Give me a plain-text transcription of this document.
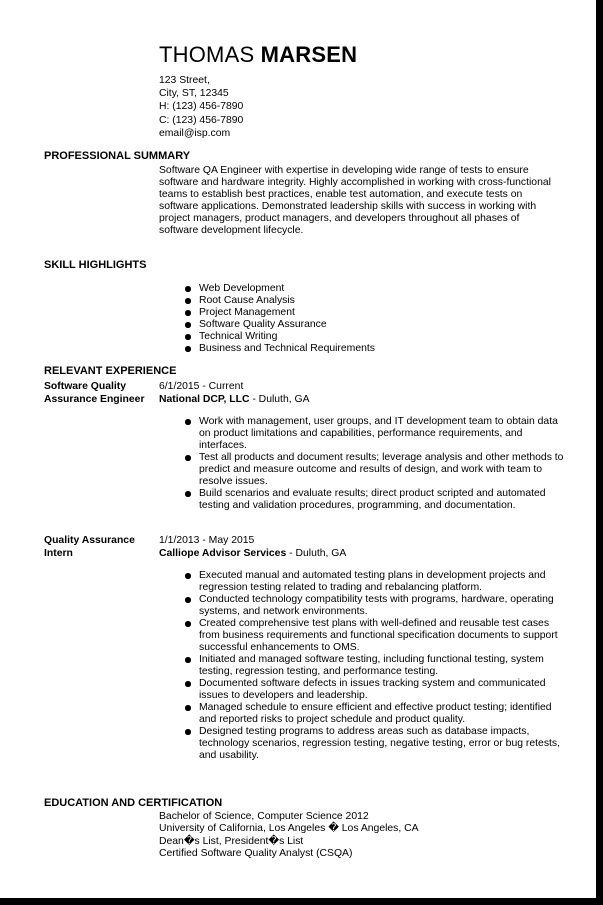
THOMAS MARSEN
123 Street,
City, ST, 12345
H: (123) 456-7890
C: (123) 456-7890
email@isp.com
PROFESSIONAL SUMMARY
Software QA Engineer with expertise in developing wide range of tests to ensure software and hardware integrity. Highly accomplished in working with cross-functional teams to establish best practices, enable test automation, and execute tests on software applications. Demonstrated leadership skills with success in working with project managers, product managers, and developers throughout all phases of software development lifecycle.
SKILL HIGHLIGHTS
Web Development
Root Cause Analysis
Project Management
Software Quality Assurance
Technical Writing
Business and Technical Requirements
RELEVANT EXPERIENCE
Software Quality Assurance Engineer
6/1/2015 - Current
National DCP, LLC - Duluth, GA
Work with management, user groups, and IT development team to obtain data on product limitations and capabilities, performance requirements, and interfaces.
Test all products and document results; leverage analysis and other methods to predict and measure outcome and results of design, and work with team to resolve issues.
Build scenarios and evaluate results; direct product scripted and automated testing and validation procedures, programming, and documentation.
Quality Assurance Intern
1/1/2013 - May 2015
Calliope Advisor Services - Duluth, GA
Executed manual and automated testing plans in development projects and regression testing related to trading and rebalancing platform.
Conducted technology compatibility tests with programs, hardware, operating systems, and network environments.
Created comprehensive test plans with well-defined and reusable test cases from business requirements and functional specification documents to support successful enhancements to OMS.
Initiated and managed software testing, including functional testing, system testing, regression testing, and performance testing.
Documented software defects in issues tracking system and communicated issues to developers and leadership.
Managed schedule to ensure efficient and effective product testing; identified and reported risks to project schedule and product quality.
Designed testing programs to address areas such as database impacts, technology scenarios, regression testing, negative testing, error or bug retests, and usability.
EDUCATION AND CERTIFICATION
Bachelor of Science, Computer Science 2012
University of California, Los Angeles � Los Angeles, CA
Dean�s List, President�s List
Certified Software Quality Analyst (CSQA)
